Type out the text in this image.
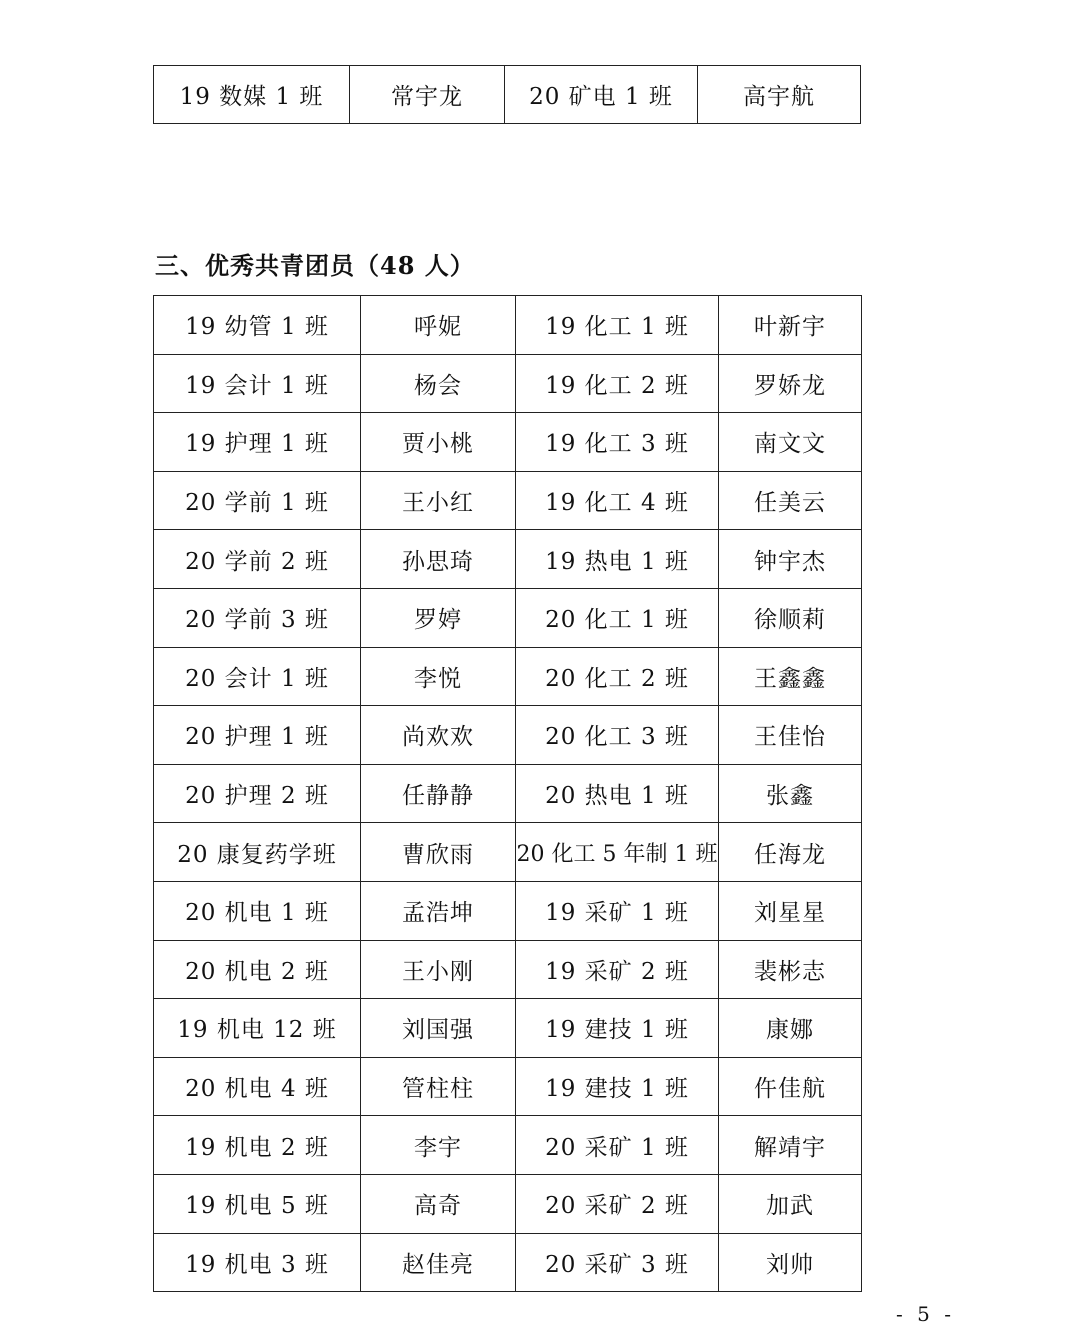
19 数媒 1 班	常宇龙	20 矿电 1 班	高宇航
三、优秀共青团员（48 人）
19 幼管 1 班	呼妮	19 化工 1 班	叶新宇
19 会计 1 班	杨会	19 化工 2 班	罗娇龙
19 护理 1 班	贾小桃	19 化工 3 班	南文文
20 学前 1 班	王小红	19 化工 4 班	任美云
20 学前 2 班	孙思琦	19 热电 1 班	钟宇杰
20 学前 3 班	罗婷	20 化工 1 班	徐顺莉
20 会计 1 班	李悦	20 化工 2 班	王鑫鑫
20 护理 1 班	尚欢欢	20 化工 3 班	王佳怡
20 护理 2 班	任静静	20 热电 1 班	张鑫
20 康复药学班	曹欣雨	20 化工 5 年制 1 班	任海龙
20 机电 1 班	孟浩坤	19 采矿 1 班	刘星星
20 机电 2 班	王小刚	19 采矿 2 班	裴彬志
19 机电 12 班	刘国强	19 建技 1 班	康娜
20 机电 4 班	管柱柱	19 建技 1 班	仵佳航
19 机电 2 班	李宇	20 采矿 1 班	解靖宇
19 机电 5 班	高奇	20 采矿 2 班	加武
19 机电 3 班	赵佳亮	20 采矿 3 班	刘帅
- 5 -
